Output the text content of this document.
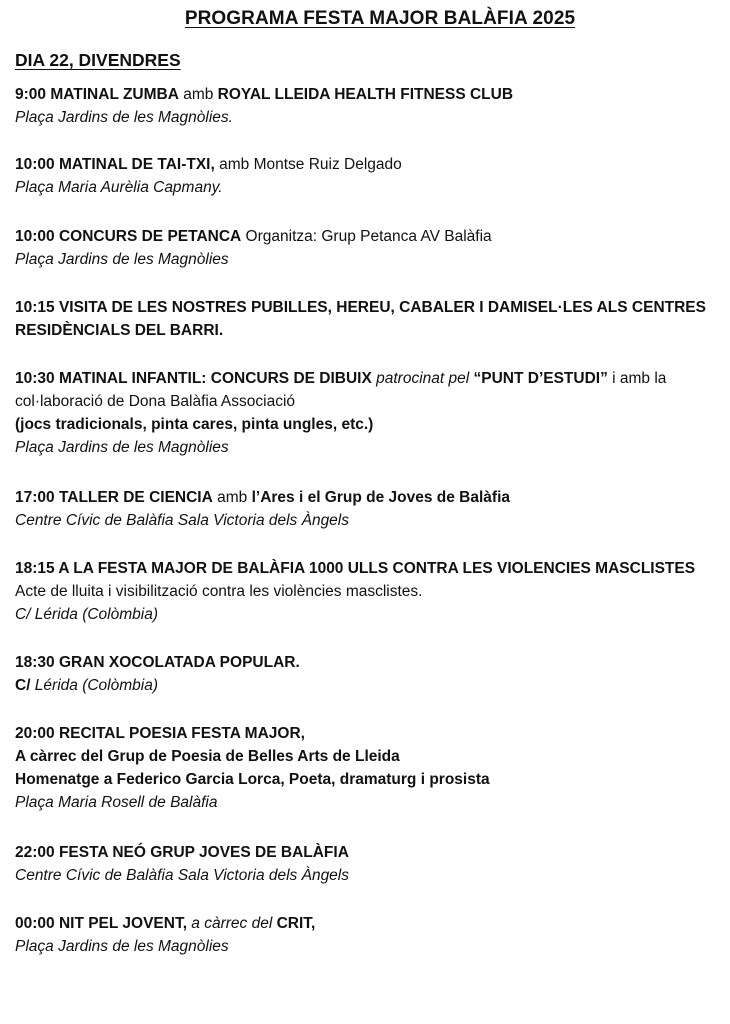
PROGRAMA FESTA MAJOR BALÀFIA 2025
DIA 22, DIVENDRES
9:00 MATINAL ZUMBA amb ROYAL LLEIDA HEALTH FITNESS CLUB
Plaça Jardins de les Magnòlies.
10:00 MATINAL DE TAI-TXI, amb Montse Ruiz Delgado
Plaça Maria Aurèlia Capmany.
10:00 CONCURS DE PETANCA Organitza: Grup Petanca AV Balàfia
Plaça Jardins de les Magnòlies
10:15 VISITA DE LES NOSTRES PUBILLES, HEREU, CABALER I DAMISEL·LES ALS CENTRES
RESIDÈNCIALS DEL BARRI.
10:30 MATINAL INFANTIL: CONCURS DE DIBUIX patrocinat pel “PUNT D’ESTUDI” i amb la
col·laboració de Dona Balàfia Associació
(jocs tradicionals, pinta cares, pinta ungles, etc.)
Plaça Jardins de les Magnòlies
17:00 TALLER DE CIENCIA amb l’Ares i el Grup de Joves de Balàfia
Centre Cívic de Balàfia Sala Victoria dels Àngels
18:15 A LA FESTA MAJOR DE BALÀFIA 1000 ULLS CONTRA LES VIOLENCIES MASCLISTES
Acte de lluita i visibilització contra les violències masclistes.
C/ Lérida (Colòmbia)
18:30 GRAN XOCOLATADA POPULAR.
C/ Lérida (Colòmbia)
20:00 RECITAL POESIA FESTA MAJOR,
A càrrec del Grup de Poesia de Belles Arts de Lleida
Homenatge a Federico Garcia Lorca, Poeta, dramaturg i prosista
Plaça Maria Rosell de Balàfia
22:00 FESTA NEÓ GRUP JOVES DE BALÀFIA
Centre Cívic de Balàfia Sala Victoria dels Àngels
00:00 NIT PEL JOVENT, a càrrec del CRIT,
Plaça Jardins de les Magnòlies
